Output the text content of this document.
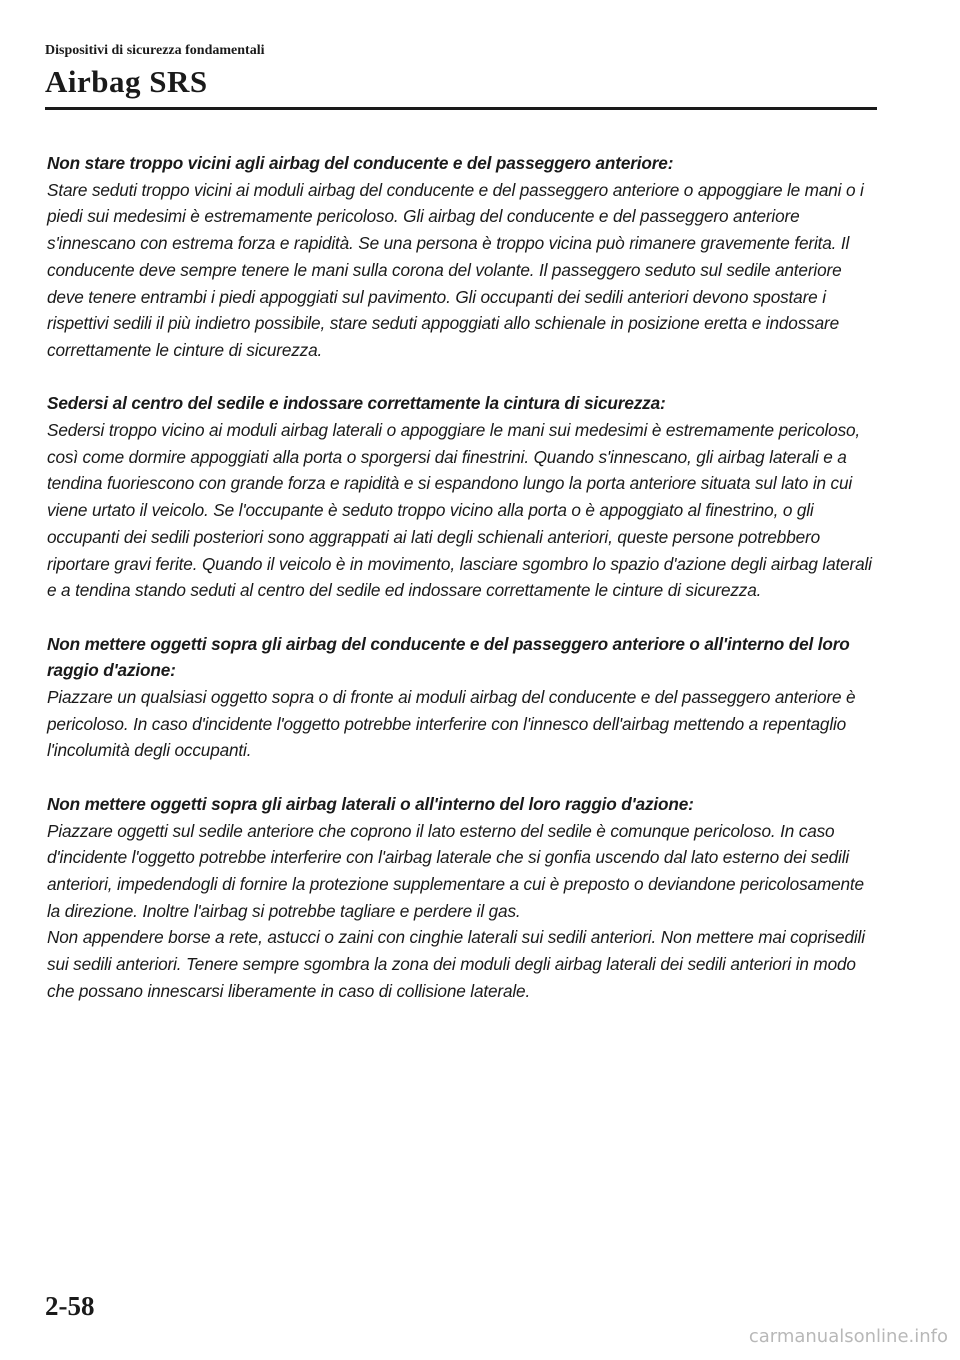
Dispositivi di sicurezza fondamentali

Airbag SRS

Non stare troppo vicini agli airbag del conducente e del passeggero anteriore:

Stare seduti troppo vicini ai moduli airbag del conducente e del passeggero anteriore o appoggiare le mani o i piedi sui medesimi è estremamente pericoloso. Gli airbag del conducente e del passeggero anteriore s'innescano con estrema forza e rapidità. Se una persona è troppo vicina può rimanere gravemente ferita. Il conducente deve sempre tenere le mani sulla corona del volante. Il passeggero seduto sul sedile anteriore deve tenere entrambi i piedi appoggiati sul pavimento. Gli occupanti dei sedili anteriori devono spostare i rispettivi sedili il più indietro possibile, stare seduti appoggiati allo schienale in posizione eretta e indossare correttamente le cinture di sicurezza.

Sedersi al centro del sedile e indossare correttamente la cintura di sicurezza:

Sedersi troppo vicino ai moduli airbag laterali o appoggiare le mani sui medesimi è estremamente pericoloso, così come dormire appoggiati alla porta o sporgersi dai finestrini. Quando s'innescano, gli airbag laterali e a tendina fuoriescono con grande forza e rapidità e si espandono lungo la porta anteriore situata sul lato in cui viene urtato il veicolo. Se l'occupante è seduto troppo vicino alla porta o è appoggiato al finestrino, o gli occupanti dei sedili posteriori sono aggrappati ai lati degli schienali anteriori, queste persone potrebbero riportare gravi ferite. Quando il veicolo è in movimento, lasciare sgombro lo spazio d'azione degli airbag laterali e a tendina stando seduti al centro del sedile ed indossare correttamente le cinture di sicurezza.

Non mettere oggetti sopra gli airbag del conducente e del passeggero anteriore o all'interno del loro raggio d'azione:

Piazzare un qualsiasi oggetto sopra o di fronte ai moduli airbag del conducente e del passeggero anteriore è pericoloso. In caso d'incidente l'oggetto potrebbe interferire con l'innesco dell'airbag mettendo a repentaglio l'incolumità degli occupanti.

Non mettere oggetti sopra gli airbag laterali o all'interno del loro raggio d'azione:

Piazzare oggetti sul sedile anteriore che coprono il lato esterno del sedile è comunque pericoloso. In caso d'incidente l'oggetto potrebbe interferire con l'airbag laterale che si gonfia uscendo dal lato esterno dei sedili anteriori, impedendogli di fornire la protezione supplementare a cui è preposto o deviandone pericolosamente la direzione. Inoltre l'airbag si potrebbe tagliare e perdere il gas.

Non appendere borse a rete, astucci o zaini con cinghie laterali sui sedili anteriori. Non mettere mai coprisedili sui sedili anteriori. Tenere sempre sgombra la zona dei moduli degli airbag laterali dei sedili anteriori in modo che possano innescarsi liberamente in caso di collisione laterale.

2-58
carmanualsonline.info
